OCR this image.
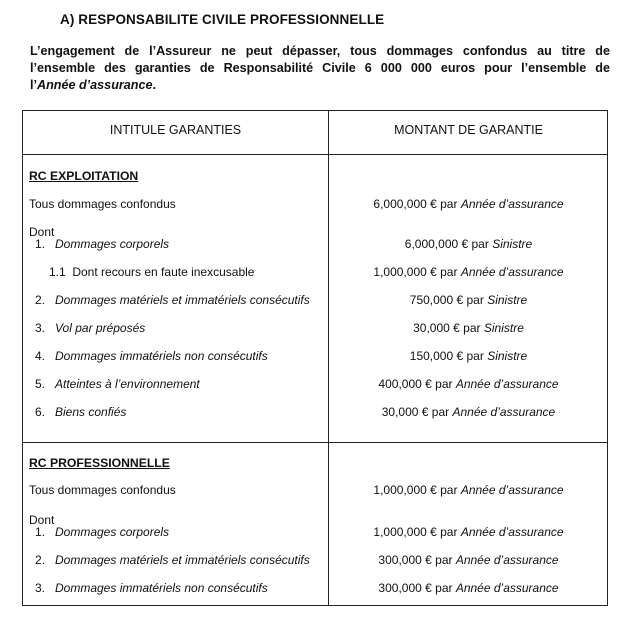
A) RESPONSABILITE CIVILE PROFESSIONNELLE
L’engagement de l’Assureur ne peut dépasser, tous dommages confondus au titre de
l’ensemble des garanties de Responsabilité Civile 6 000 000 euros pour l’ensemble de
l’Année d’assurance.
INTITULE GARANTIES	MONTANT DE GARANTIE
RC EXPLOITATION
Tous dommages confondus	6,000,000 € par Année d’assurance
Dont
1. Dommages corporels	6,000,000 € par Sinistre
1.1 Dont recours en faute inexcusable	1,000,000 € par Année d’assurance
2. Dommages matériels et immatériels consécutifs	750,000 € par Sinistre
3. Vol par préposés	30,000 € par Sinistre
4. Dommages immatériels non consécutifs	150,000 € par Sinistre
5. Atteintes à l’environnement	400,000 € par Année d’assurance
6. Biens confiés	30,000 € par Année d’assurance
RC PROFESSIONNELLE
Tous dommages confondus	1,000,000 € par Année d’assurance
Dont
1. Dommages corporels	1,000,000 € par Année d’assurance
2. Dommages matériels et immatériels consécutifs	300,000 € par Année d’assurance
3. Dommages immatériels non consécutifs	300,000 € par Année d’assurance
